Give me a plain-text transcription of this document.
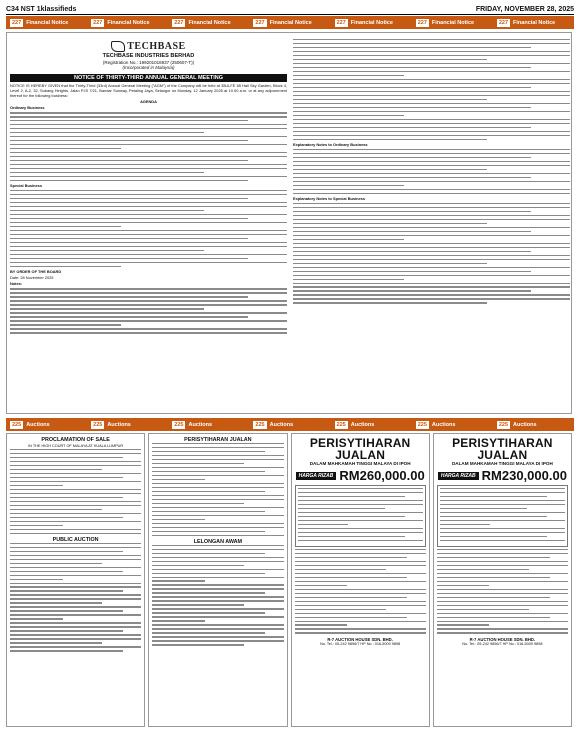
C34 NST 1klassifieds	FRIDAY, NOVEMBER 28, 2025
227 Financial Notice	227 Financial Notice	227 Financial Notice	227 Financial Notice	227 Financial Notice	227 Financial Notice	227 Financial Notice
TECHBASE
TECHBASE INDUSTRIES BERHAD
(Registration No.: 199201016937 (250607-T))
(Incorporated in Malaysia)
NOTICE OF THIRTY-THIRD ANNUAL GENERAL MEETING
NOTICE IS HEREBY GIVEN that the Thirty-Third (33rd) Annual General Meeting ("AGM") of the Company will be held at 35ULFE 65 Hall Sky Garden, Block 4, Level 2, A-2, 32, Subang Heights, Jalan PJS 7/21, Bandar Sunway, Petaling Jaya, Selangor on Monday, 12 January 2026 at 10.00 a.m. or at any adjournment thereof for the following business:
AGENDA
Ordinary Business
Special Business
BY ORDER OF THE BOARD
Date: 28 November 2025
Notes:
Explanatory Notes to Ordinary Business
Explanatory Notes to Special Business
225 Auctions	225 Auctions	225 Auctions	225 Auctions	225 Auctions	225 Auctions	225 Auctions
PROCLAMATION OF SALE
IN THE HIGH COURT OF MALAYA AT KUALA LUMPUR
PUBLIC AUCTION
PERISYTIHARAN JUALAN
LELONGAN AWAM
PERISYTIHARAN JUALAN
DALAM MAHKAMAH TINGGI MALAYA DI IPOH
HARGA RIZAB RM260,000.00
R-7 AUCTION HOUSE SDN. BHD.
No. Tel.: 05-242 9896/7 HP No.: 016-5000 9898
PERISYTIHARAN JUALAN
DALAM MAHKAMAH TINGGI MALAYA DI IPOH
HARGA RIZAB RM230,000.00
R-7 AUCTION HOUSE SDN. BHD.
No. Tel.: 05-242 9896/7 HP No.: 016-5000 9898
